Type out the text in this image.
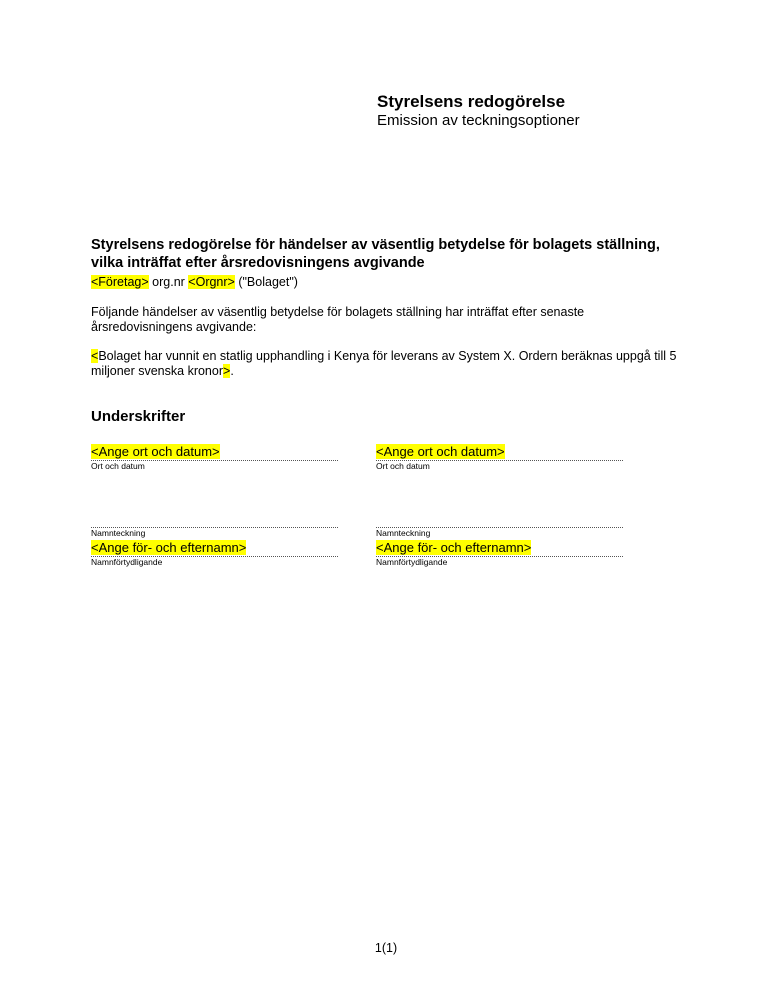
Styrelsens redogörelse

Emission av teckningsoptioner

Styrelsens redogörelse för händelser av väsentlig betydelse för bolagets ställning, vilka inträffat efter årsredovisningens avgivande

<Företag> org.nr <Orgnr> ("Bolaget")

Följande händelser av väsentlig betydelse för bolagets ställning har inträffat efter senaste årsredovisningens avgivande:

<Bolaget har vunnit en statlig upphandling i Kenya för leverans av System X. Ordern beräknas uppgå till 5 miljoner svenska kronor>.

Underskrifter

<Ange ort och datum>
Ort och datum
Namnteckning
<Ange för- och efternamn>
Namnförtydligande
<Ange ort och datum>
Ort och datum
Namnteckning
<Ange för- och efternamn>
Namnförtydligande
1(1)
